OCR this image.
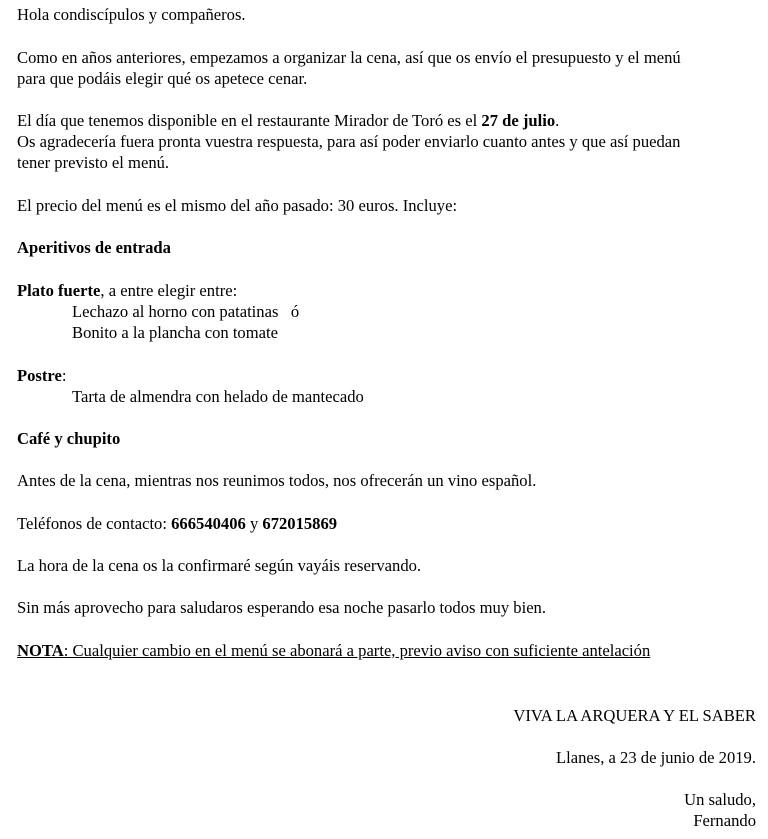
Hola condiscípulos y compañeros.
Como en años anteriores, empezamos a organizar la cena, así que os envío el presupuesto y el menú
para que podáis elegir qué os apetece cenar.
El día que tenemos disponible en el restaurante Mirador de Toró es el 27 de julio.
Os agradecería fuera pronta vuestra respuesta, para así poder enviarlo cuanto antes y que así puedan
tener previsto el menú.
El precio del menú es el mismo del año pasado: 30 euros. Incluye:
Aperitivos de entrada
Plato fuerte, a entre elegir entre:
Lechazo al horno con patatinas   ó
Bonito a la plancha con tomate
Postre:
Tarta de almendra con helado de mantecado
Café y chupito
Antes de la cena, mientras nos reunimos todos, nos ofrecerán un vino español.
Teléfonos de contacto: 666540406 y 672015869
La hora de la cena os la confirmaré según vayáis reservando.
Sin más aprovecho para saludaros esperando esa noche pasarlo todos muy bien.
NOTA: Cualquier cambio en el menú se abonará a parte, previo aviso con suficiente antelación
VIVA LA ARQUERA Y EL SABER
Llanes, a 23 de junio de 2019.
Un saludo,
Fernando
